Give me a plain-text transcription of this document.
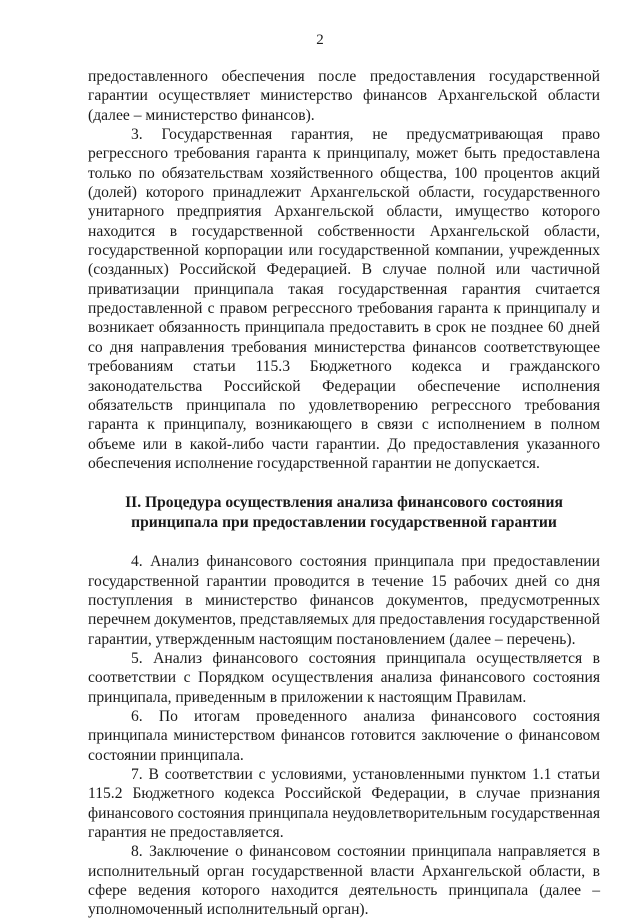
2

предоставленного обеспечения после предоставления государственной гарантии осуществляет министерство финансов Архангельской области (далее – министерство финансов).

3. Государственная гарантия, не предусматривающая право регрессного требования гаранта к принципалу, может быть предоставлена только по обязательствам хозяйственного общества, 100 процентов акций (долей) которого принадлежит Архангельской области, государственного унитарного предприятия Архангельской области, имущество которого находится в государственной собственности Архангельской области, государственной корпорации или государственной компании, учрежденных (созданных) Российской Федерацией. В случае полной или частичной приватизации принципала такая государственная гарантия считается предоставленной с правом регрессного требования гаранта к принципалу и возникает обязанность принципала предоставить в срок не позднее 60 дней со дня направления требования министерства финансов соответствующее требованиям статьи 115.3 Бюджетного кодекса и гражданского законодательства Российской Федерации обеспечение исполнения обязательств принципала по удовлетворению регрессного требования гаранта к принципалу, возникающего в связи с исполнением в полном объеме или в какой-либо части гарантии. До предоставления указанного обеспечения исполнение государственной гарантии не допускается.

II. Процедура осуществления анализа финансового состояния
принципала при предоставлении государственной гарантии

4. Анализ финансового состояния принципала при предоставлении государственной гарантии проводится в течение 15 рабочих дней со дня поступления в министерство финансов документов, предусмотренных перечнем документов, представляемых для предоставления государственной гарантии, утвержденным настоящим постановлением (далее – перечень).

5. Анализ финансового состояния принципала осуществляется в соответствии с Порядком осуществления анализа финансового состояния принципала, приведенным в приложении к настоящим Правилам.

6. По итогам проведенного анализа финансового состояния принципала министерством финансов готовится заключение о финансовом состоянии принципала.

7. В соответствии с условиями, установленными пунктом 1.1 статьи 115.2 Бюджетного кодекса Российской Федерации, в случае признания финансового состояния принципала неудовлетворительным государственная гарантия не предоставляется.

8. Заключение о финансовом состоянии принципала направляется в исполнительный орган государственной власти Архангельской области, в сфере ведения которого находится деятельность принципала (далее – уполномоченный исполнительный орган).
